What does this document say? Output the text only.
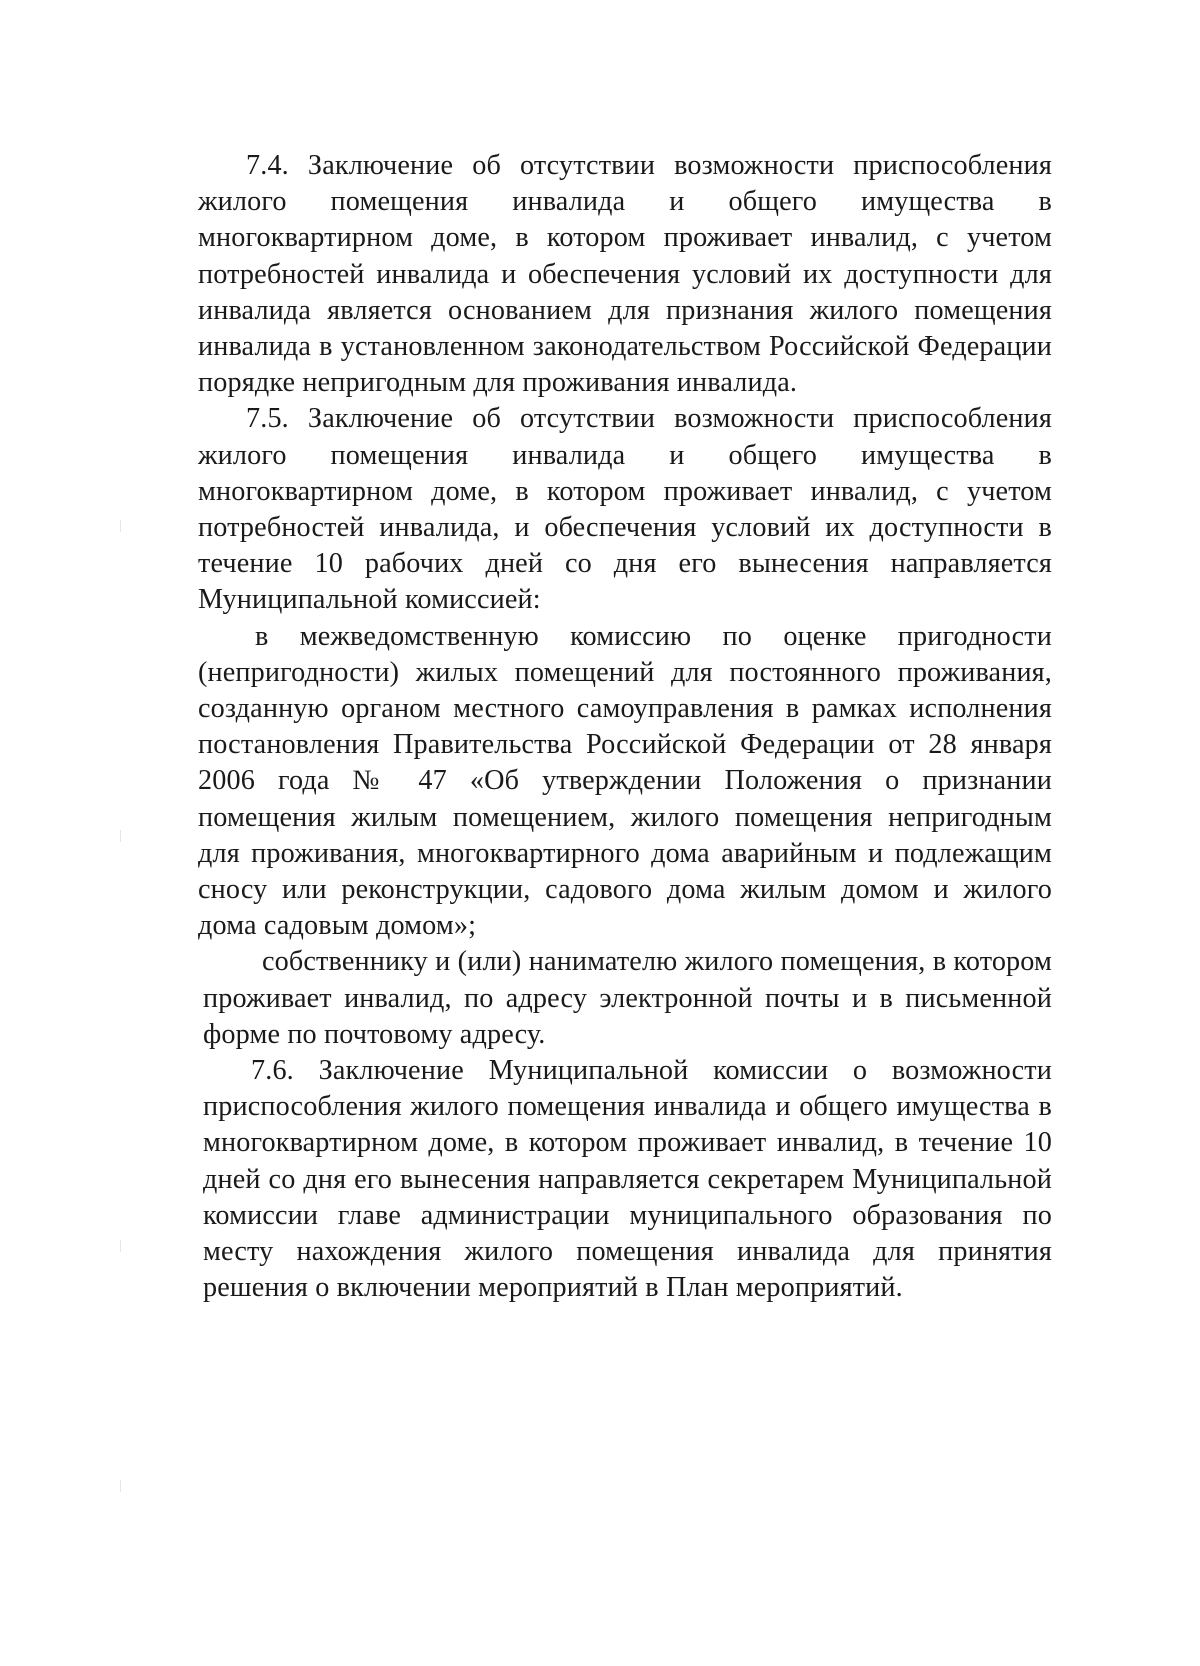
7.4. Заключение об отсутствии возможности приспособления жилого помещения инвалида и общего имущества в многоквартирном доме, в котором проживает инвалид, с учетом потребностей инвалида и обеспечения условий их доступности для инвалида является основанием для признания жилого помещения инвалида в установленном законодательством Российской Федерации порядке непригодным для проживания инвалида.

7.5. Заключение об отсутствии возможности приспособления жилого помещения инвалида и общего имущества в многоквартирном доме, в котором проживает инвалид, с учетом потребностей инвалида, и обеспечения условий их доступности в течение 10 рабочих дней со дня его вынесения направляется Муниципальной комиссией:

в межведомственную комиссию по оценке пригодности (непригодности) жилых помещений для постоянного проживания, созданную органом местного самоуправления в рамках исполнения постановления Правительства Российской Федерации от 28 января 2006 года № 47 «Об утверждении Положения о признании помещения жилым помещением, жилого помещения непригодным для проживания, многоквартирного дома аварийным и подлежащим сносу или реконструкции, садового дома жилым домом и жилого дома садовым домом»;

собственнику и (или) нанимателю жилого помещения, в котором проживает инвалид, по адресу электронной почты и в письменной форме по почтовому адресу.

7.6. Заключение Муниципальной комиссии о возможности приспособления жилого помещения инвалида и общего имущества в многоквартирном доме, в котором проживает инвалид, в течение 10 дней со дня его вынесения направляется секретарем Муниципальной комиссии главе администрации муниципального образования по месту нахождения жилого помещения инвалида для принятия решения о включении мероприятий в План мероприятий.
